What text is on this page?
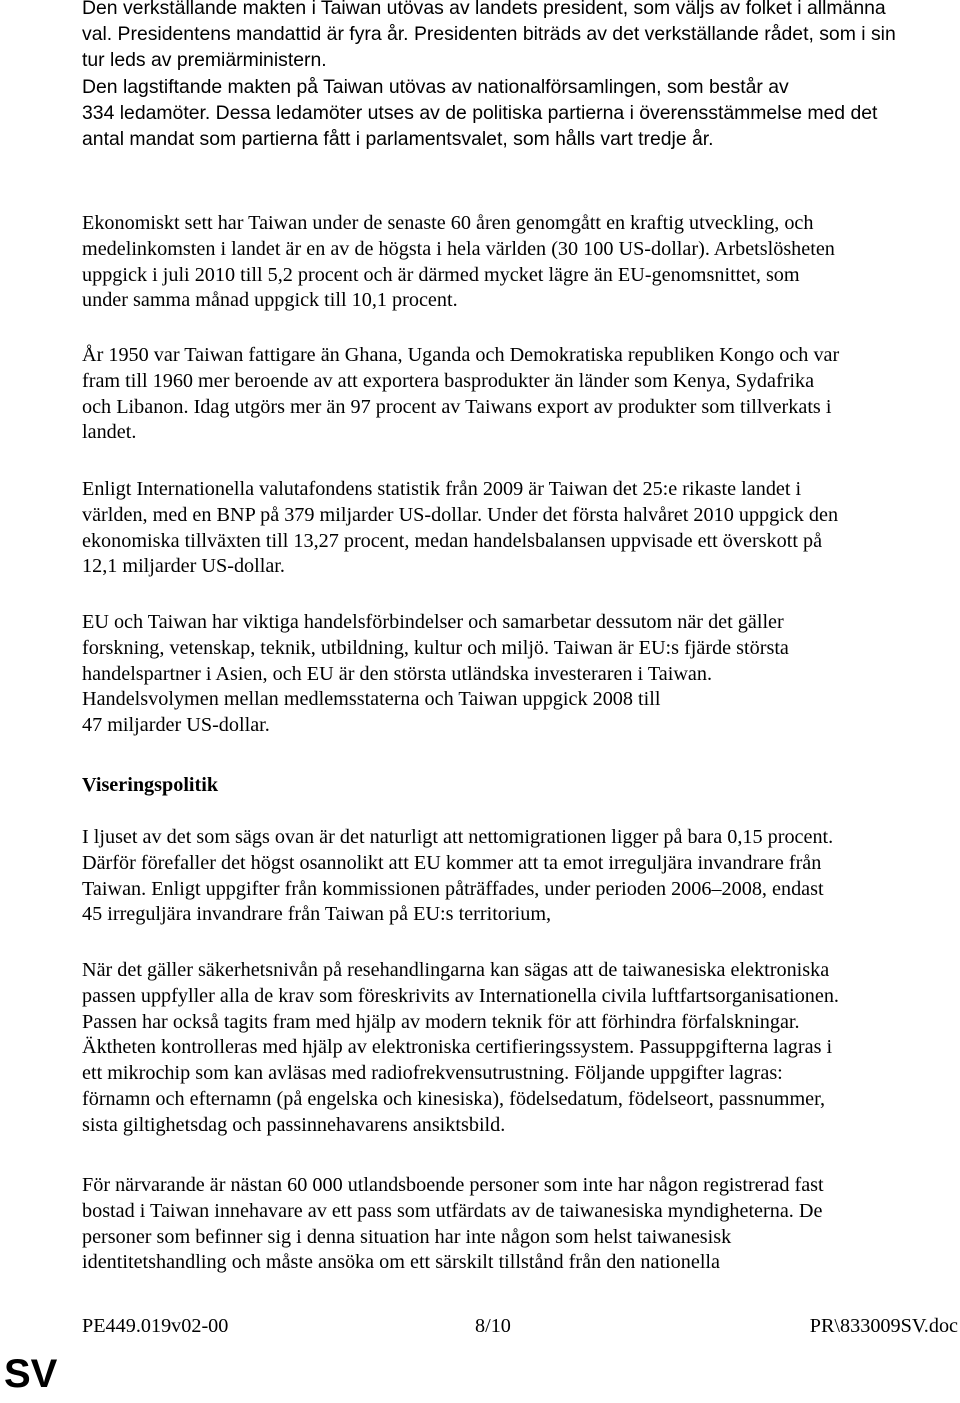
Den verkställande makten i Taiwan utövas av landets president, som väljs av folket i allmänna
val. Presidentens mandattid är fyra år. Presidenten biträds av det verkställande rådet, som i sin
tur leds av premiärministern.

Den lagstiftande makten på Taiwan utövas av nationalförsamlingen, som består av
334 ledamöter. Dessa ledamöter utses av de politiska partierna i överensstämmelse med det
antal mandat som partierna fått i parlamentsvalet, som hålls vart tredje år.

Ekonomiskt sett har Taiwan under de senaste 60 åren genomgått en kraftig utveckling, och
medelinkomsten i landet är en av de högsta i hela världen (30 100 US-dollar). Arbetslösheten
uppgick i juli 2010 till 5,2 procent och är därmed mycket lägre än EU-genomsnittet, som
under samma månad uppgick till 10,1 procent.

År 1950 var Taiwan fattigare än Ghana, Uganda och Demokratiska republiken Kongo och var
fram till 1960 mer beroende av att exportera basprodukter än länder som Kenya, Sydafrika
och Libanon. Idag utgörs mer än 97 procent av Taiwans export av produkter som tillverkats i
landet.

Enligt Internationella valutafondens statistik från 2009 är Taiwan det 25:e rikaste landet i
världen, med en BNP på 379 miljarder US-dollar. Under det första halvåret 2010 uppgick den
ekonomiska tillväxten till 13,27 procent, medan handelsbalansen uppvisade ett överskott på
12,1 miljarder US-dollar.

EU och Taiwan har viktiga handelsförbindelser och samarbetar dessutom när det gäller
forskning, vetenskap, teknik, utbildning, kultur och miljö. Taiwan är EU:s fjärde största
handelspartner i Asien, och EU är den största utländska investeraren i Taiwan.
Handelsvolymen mellan medlemsstaterna och Taiwan uppgick 2008 till
47 miljarder US-dollar.

Viseringspolitik

I ljuset av det som sägs ovan är det naturligt att nettomigrationen ligger på bara 0,15 procent.
Därför förefaller det högst osannolikt att EU kommer att ta emot irreguljära invandrare från
Taiwan. Enligt uppgifter från kommissionen påträffades, under perioden 2006–2008, endast
45 irreguljära invandrare från Taiwan på EU:s territorium,

När det gäller säkerhetsnivån på resehandlingarna kan sägas att de taiwanesiska elektroniska
passen uppfyller alla de krav som föreskrivits av Internationella civila luftfartsorganisationen.
Passen har också tagits fram med hjälp av modern teknik för att förhindra förfalskningar.
Äktheten kontrolleras med hjälp av elektroniska certifieringssystem. Passuppgifterna lagras i
ett mikrochip som kan avläsas med radiofrekvensutrustning. Följande uppgifter lagras:
förnamn och efternamn (på engelska och kinesiska), födelsedatum, födelseort, passnummer,
sista giltighetsdag och passinnehavarens ansiktsbild.

För närvarande är nästan 60 000 utlandsboende personer som inte har någon registrerad fast
bostad i Taiwan innehavare av ett pass som utfärdats av de taiwanesiska myndigheterna. De
personer som befinner sig i denna situation har inte någon som helst taiwanesisk
identitetshandling och måste ansöka om ett särskilt tillstånd från den nationella

PE449.019v02-00	8/10	PR\833009SV.doc
SV
